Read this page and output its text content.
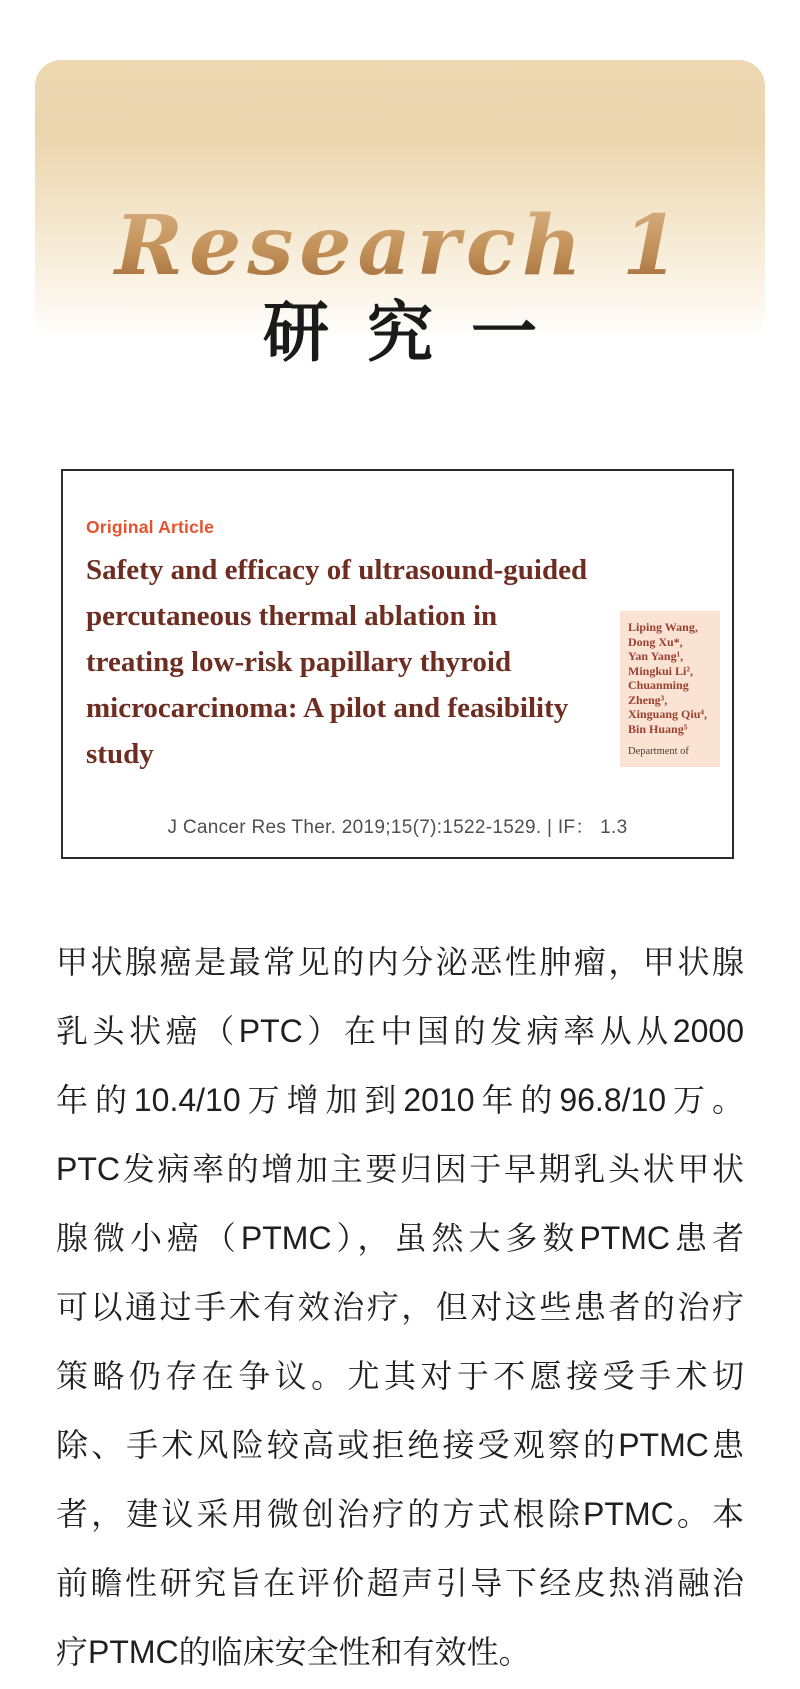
Research 1
研究一
Original Article
Safety and efficacy of ultrasound-guided
percutaneous thermal ablation in
treating low-risk papillary thyroid
microcarcinoma: A pilot and feasibility
study
Liping Wang,
Dong Xu*,
Yan Yang¹,
Mingkui Li²,
Chuanming
Zheng³,
Xinguang Qiu⁴,
Bin Huang⁵
Department of
J Cancer Res Ther. 2019;15(7):1522-1529. | IF： 1.3
甲状腺癌是最常见的内分泌恶性肿瘤，甲状腺
乳头状癌（PTC）在中国的发病率从从2000
年的10.4/10万增加到2010年的96.8/10万。
PTC发病率的增加主要归因于早期乳头状甲状
腺微小癌（PTMC），虽然大多数PTMC患者
可以通过手术有效治疗，但对这些患者的治疗
策略仍存在争议。尤其对于不愿接受手术切
除、手术风险较高或拒绝接受观察的PTMC患
者，建议采用微创治疗的方式根除PTMC。本
前瞻性研究旨在评价超声引导下经皮热消融治
疗PTMC的临床安全性和有效性。
